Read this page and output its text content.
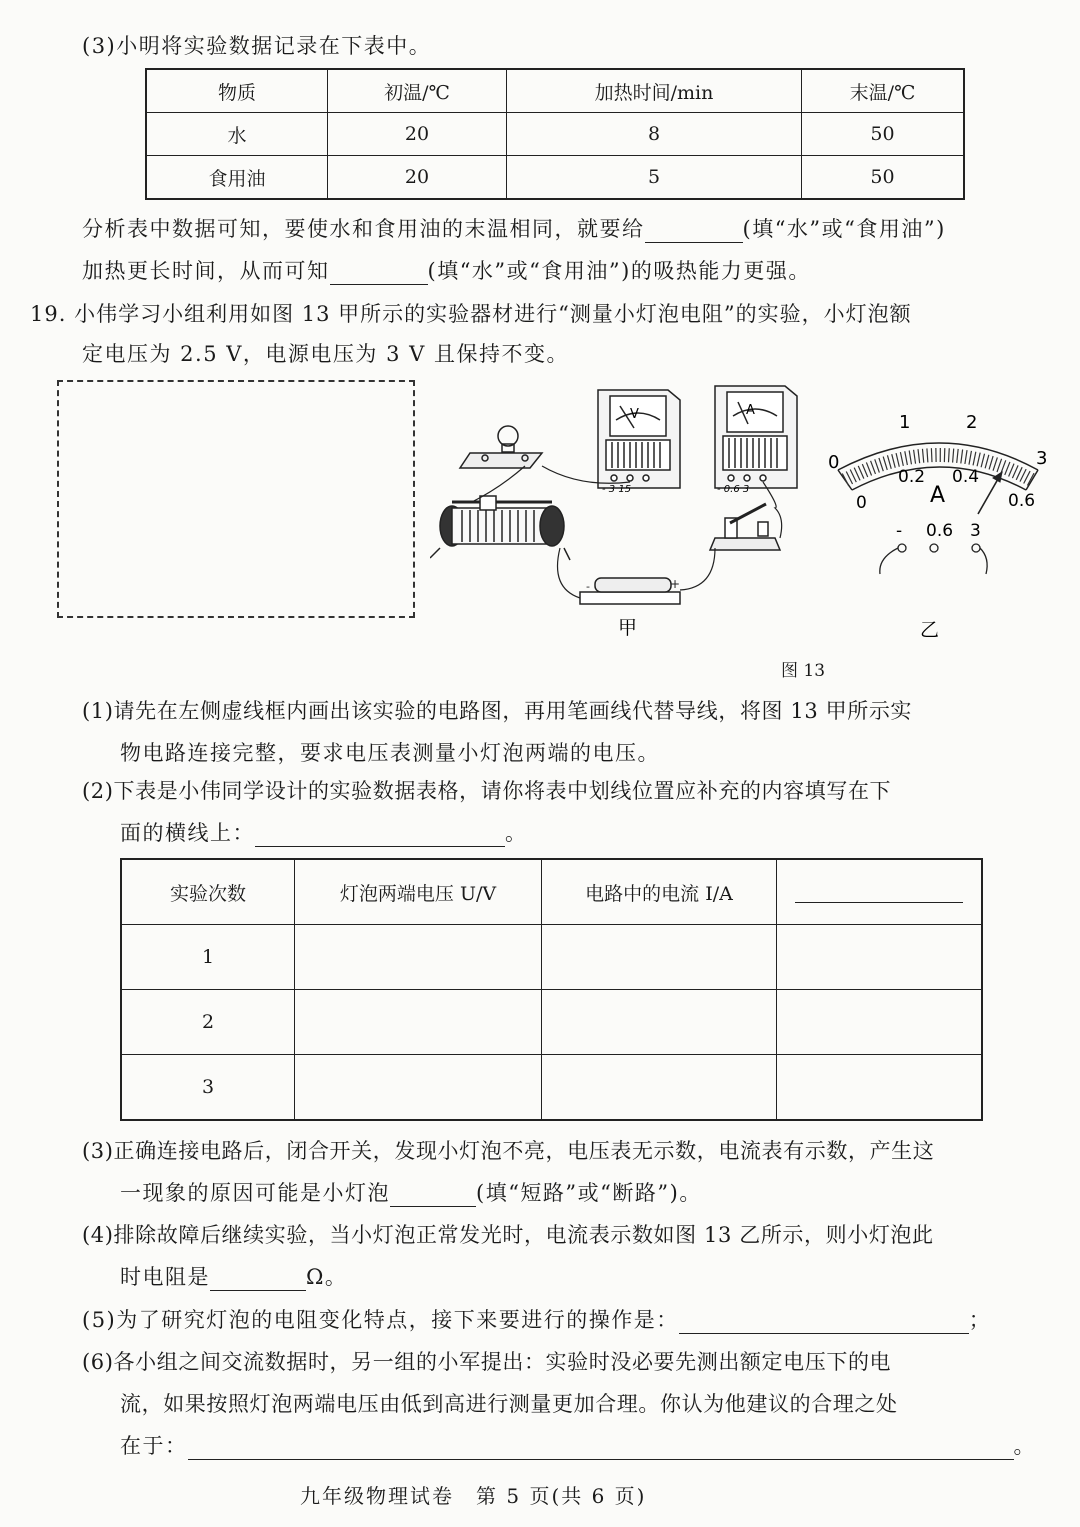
(3)小明将实验数据记录在下表中。
物质	初温/℃	加热时间/min	末温/℃
水	20	8	50
食用油	20	5	50
分析表中数据可知，要使水和食用油的末温相同，就要给	(填“水”或“食用油”)
加热更长时间，从而可知	(填“水”或“食用油”)的吸热能力更强。
19. 小伟学习小组利用如图 13 甲所示的实验器材进行“测量小灯泡电阻”的实验，小灯泡额
定电压为 2.5 V，电源电压为 3 V 且保持不变。
V
- 3 15
A
- 0.6 3
-	+
甲
0
1	2
3
0
0.2 0.4
0.6
A
- 0.6 3
乙
图 13
(1)请先在左侧虚线框内画出该实验的电路图，再用笔画线代替导线，将图 13 甲所示实
物电路连接完整，要求电压表测量小灯泡两端的电压。
(2)下表是小伟同学设计的实验数据表格，请你将表中划线位置应补充的内容填写在下
面的横线上：	。
实验次数	灯泡两端电压 U/V	电路中的电流 I/A	
1			
2			
3			
(3)正确连接电路后，闭合开关，发现小灯泡不亮，电压表无示数，电流表有示数，产生这
一现象的原因可能是小灯泡	(填“短路”或“断路”)。
(4)排除故障后继续实验，当小灯泡正常发光时，电流表示数如图 13 乙所示，则小灯泡此
时电阻是	Ω。
(5)为了研究灯泡的电阻变化特点，接下来要进行的操作是：	；
(6)各小组之间交流数据时，另一组的小军提出：实验时没必要先测出额定电压下的电
流，如果按照灯泡两端电压由低到高进行测量更加合理。你认为他建议的合理之处
在于：	。
九年级物理试卷　第 5 页(共 6 页)
